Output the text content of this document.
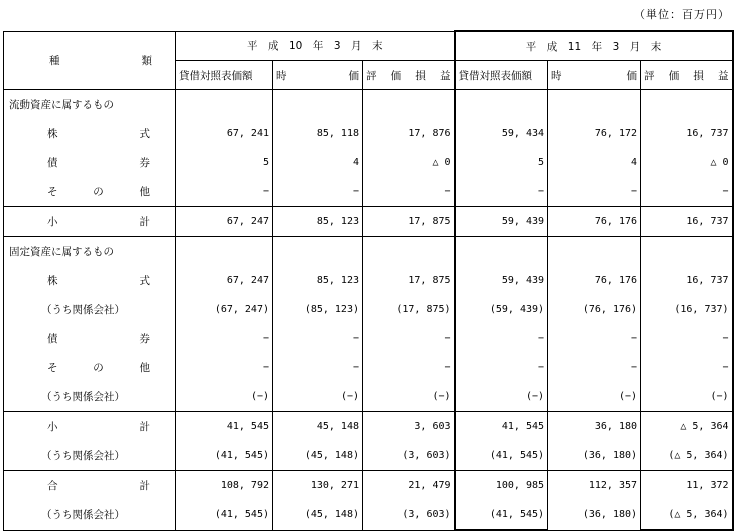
（単位：百万円）
種 類	平　成　10　年　3　月　末			平　成　11　年　3　月　末		
	貸借対照表価額	時 価	評 価 損 益	貸借対照表価額	時 価	評 価 損 益

流動資産に属するもの						

株 式	67, 241	85, 118	17, 876	59, 434	76, 172	16, 737

債 券	5	4	△ 0	5	4	△ 0

そ の 他	−	−	−	−	−	−

小 計	67, 247	85, 123	17, 875	59, 439	76, 176	16, 737

固定資産に属するもの						

株 式	67, 247	85, 123	17, 875	59, 439	76, 176	16, 737

（うち関係会社）	(67, 247)	(85, 123)	(17, 875)	(59, 439)	(76, 176)	(16, 737)

債 券	−	−	−	−	−	−

そ の 他	−	−	−	−	−	−

（うち関係会社）	(−)	(−)	(−)	(−)	(−)	(−)

小 計	41, 545	45, 148	3, 603	41, 545	36, 180	△ 5, 364

（うち関係会社）	(41, 545)	(45, 148)	(3, 603)	(41, 545)	(36, 180)	(△ 5, 364)

合 計	108, 792	130, 271	21, 479	100, 985	112, 357	11, 372

（うち関係会社）	(41, 545)	(45, 148)	(3, 603)	(41, 545)	(36, 180)	(△ 5, 364)
